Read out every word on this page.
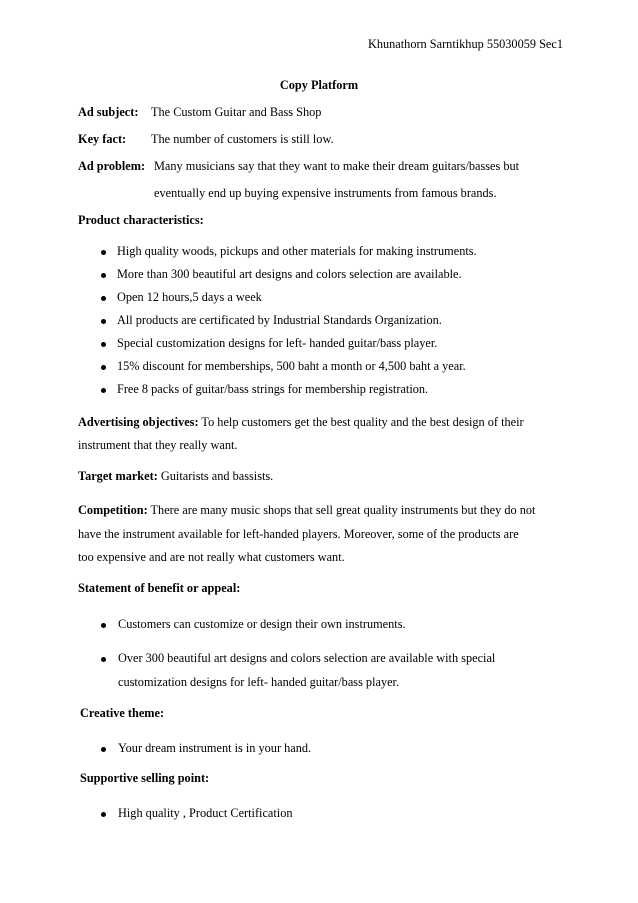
Khunathorn Sarntikhup 55030059 Sec1
Copy Platform
Ad subject: The Custom Guitar and Bass Shop
Key fact: The number of customers is still low.
Ad problem: Many musicians say that they want to make their dream guitars/basses but
eventually end up buying expensive instruments from famous brands.
Product characteristics:
High quality woods, pickups and other materials for making instruments.
More than 300 beautiful art designs and colors selection are available.
Open 12 hours,5 days a week
All products are certificated by Industrial Standards Organization.
Special customization designs for left- handed guitar/bass player.
15% discount for memberships, 500 baht a month or 4,500 baht a year.
Free 8 packs of guitar/bass strings for membership registration.
Advertising objectives: To help customers get the best quality and the best design of their
instrument that they really want.
Target market: Guitarists and bassists.
Competition: There are many music shops that sell great quality instruments but they do not
have the instrument available for left-handed players. Moreover, some of the products are
too expensive and are not really what customers want.
Statement of benefit or appeal:
Customers can customize or design their own instruments.
Over 300 beautiful art designs and colors selection are available with special
customization designs for left- handed guitar/bass player.
Creative theme:
Your dream instrument is in your hand.
Supportive selling point:
High quality , Product Certification
